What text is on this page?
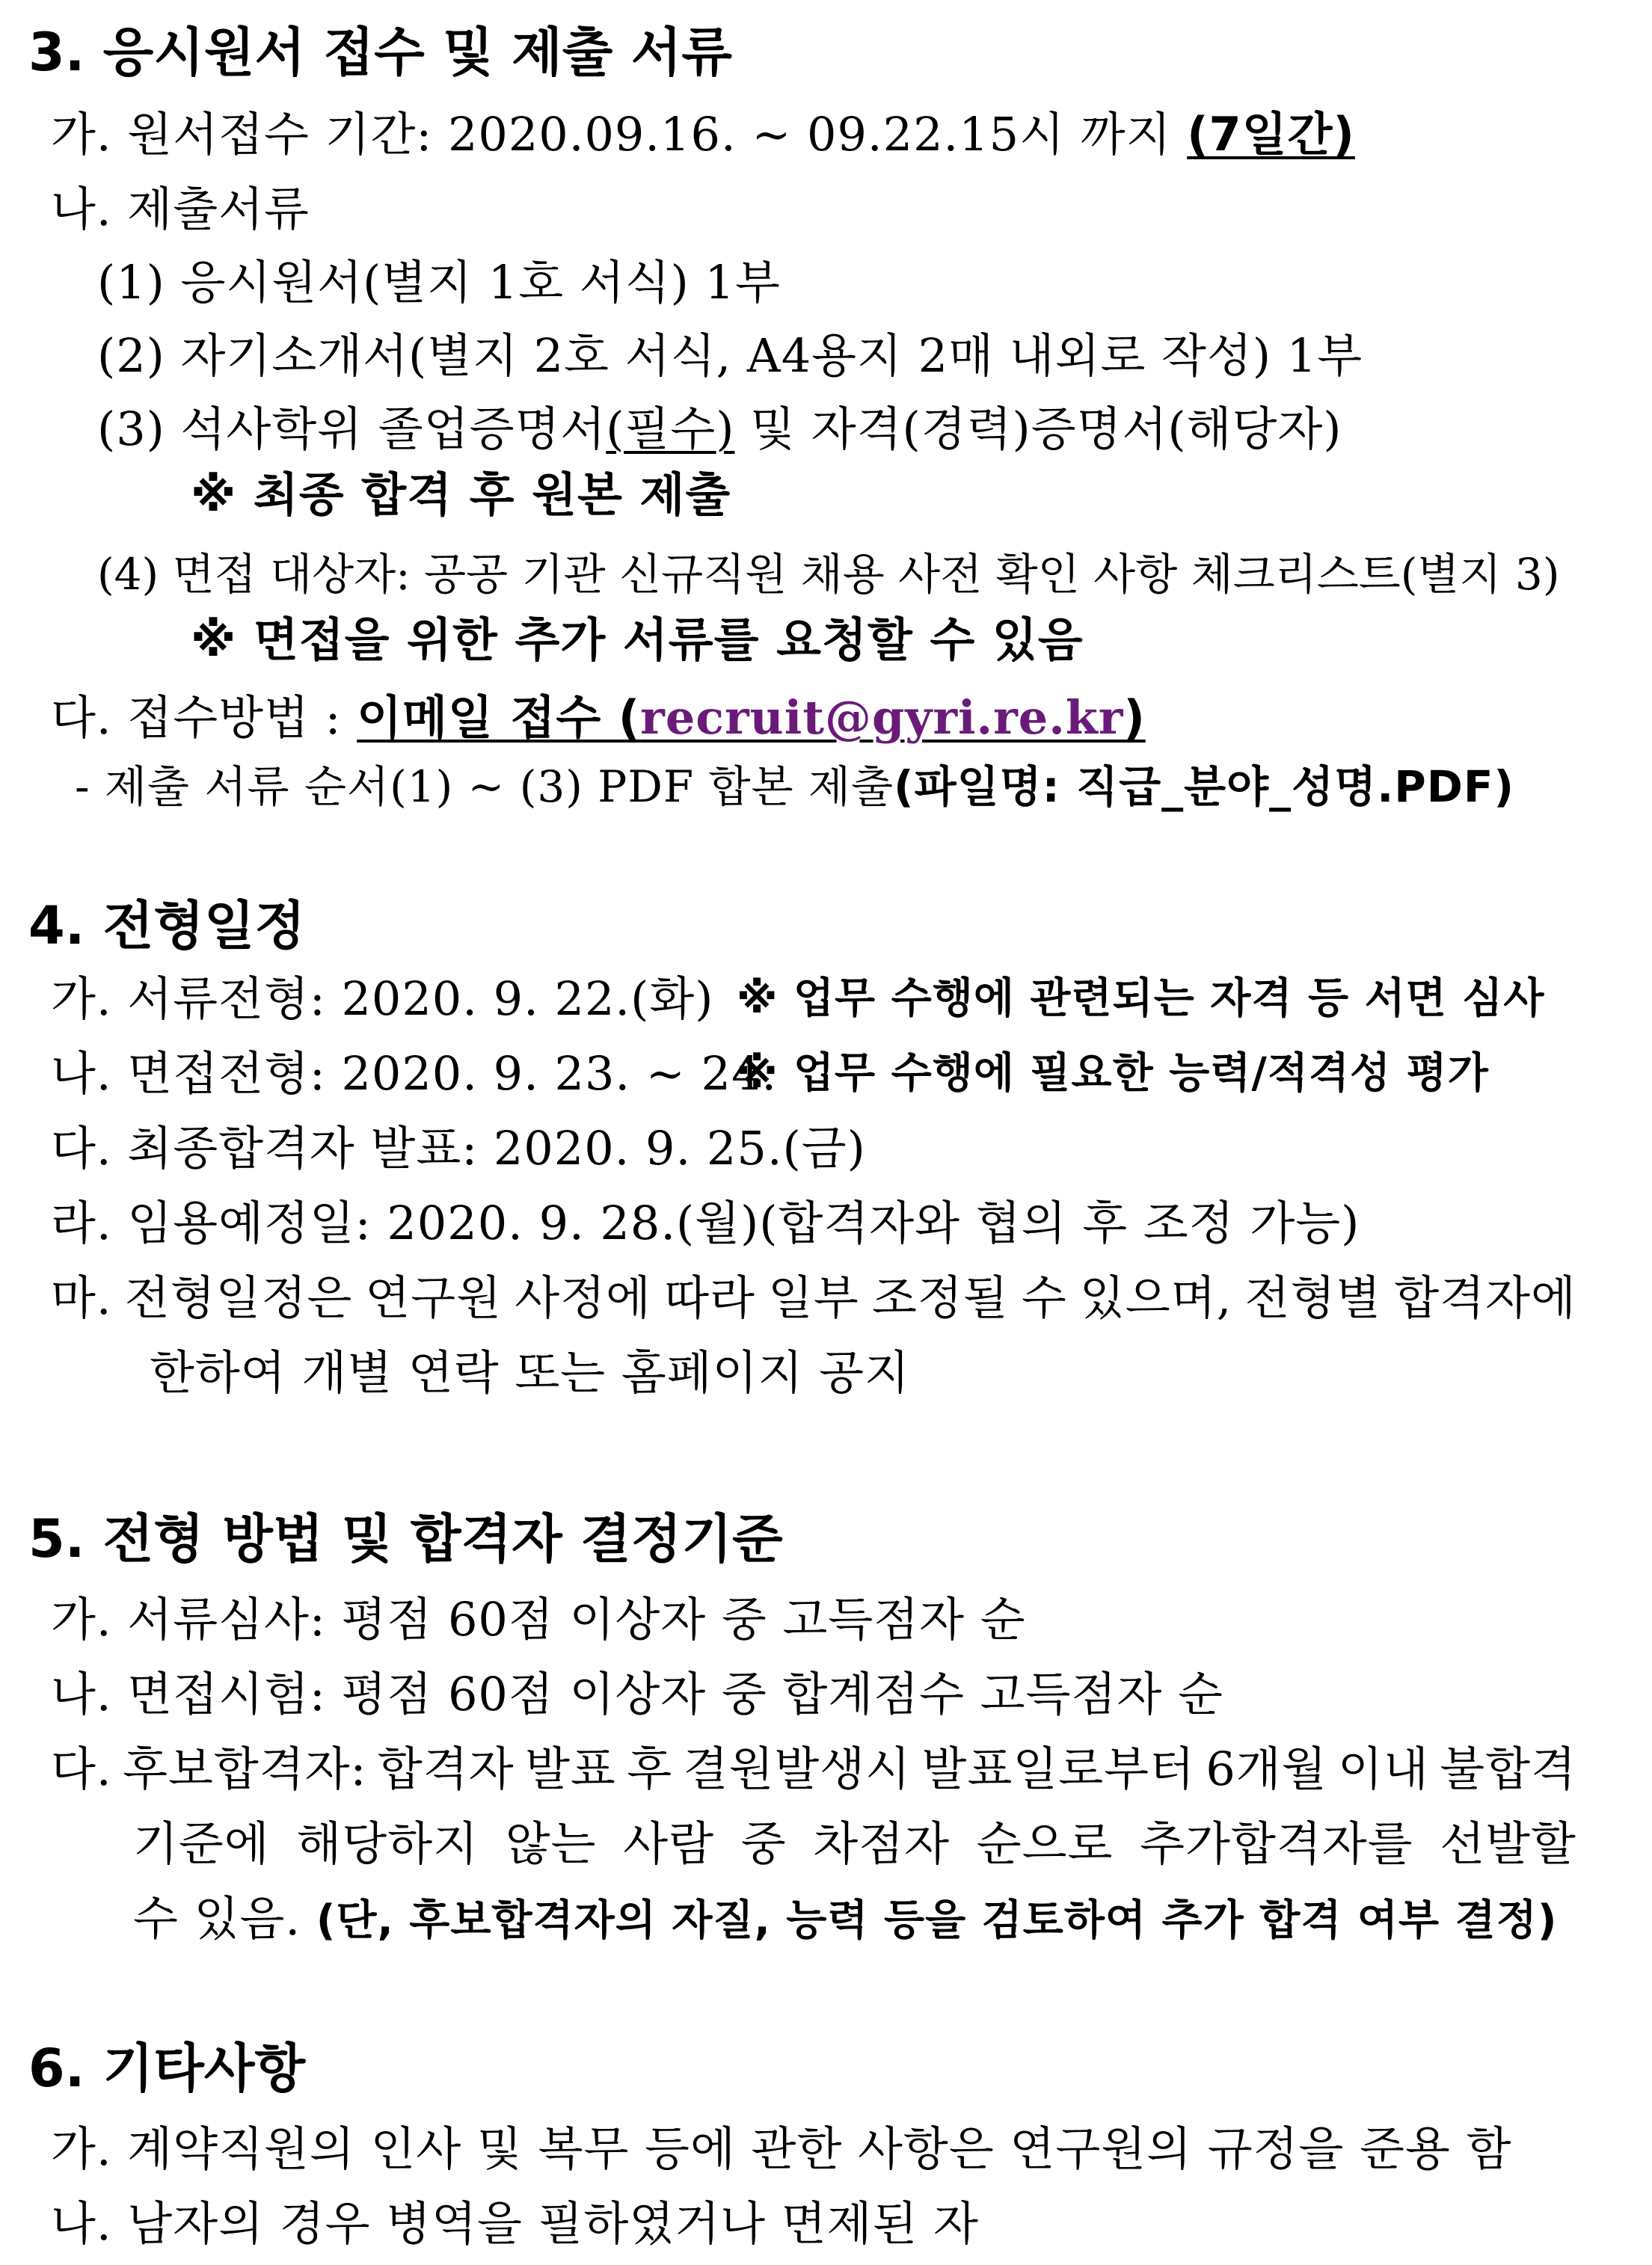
3. 응시원서 접수 및 제출 서류
가. 원서접수 기간: 2020.09.16. ~ 09.22.15시 까지 (7일간)
나. 제출서류
(1) 응시원서(별지 1호 서식) 1부
(2) 자기소개서(별지 2호 서식, A4용지 2매 내외로 작성) 1부
(3) 석사학위 졸업증명서(필수) 및 자격(경력)증명서(해당자)
※ 최종 합격 후 원본 제출
(4) 면접 대상자: 공공 기관 신규직원 채용 사전 확인 사항 체크리스트(별지 3)
※ 면접을 위한 추가 서류를 요청할 수 있음
다. 접수방법 : 이메일 접수 (recruit@gyri.re.kr)
- 제출 서류 순서(1) ~ (3) PDF 합본 제출(파일명: 직급_분야_성명.PDF)
4. 전형일정
가. 서류전형: 2020. 9. 22.(화) ※ 업무 수행에 관련되는 자격 등 서면 심사
나. 면접전형: 2020. 9. 23. ~ 24.
※ 업무 수행에 필요한 능력/적격성 평가
다. 최종합격자 발표: 2020. 9. 25.(금)
라. 임용예정일: 2020. 9. 28.(월)(합격자와 협의 후 조정 가능)
마. 전형일정은 연구원 사정에 따라 일부 조정될 수 있으며, 전형별 합격자에
한하여 개별 연락 또는 홈페이지 공지
5. 전형 방법 및 합격자 결정기준
가. 서류심사: 평점 60점 이상자 중 고득점자 순
나. 면접시험: 평점 60점 이상자 중 합계점수 고득점자 순
다. 후보합격자: 합격자 발표 후 결원발생시 발표일로부터 6개월 이내 불합격
기준에 해당하지 않는 사람 중 차점자 순으로 추가합격자를 선발할
수 있음. (단, 후보합격자의 자질, 능력 등을 검토하여 추가 합격 여부 결정)
6. 기타사항
가. 계약직원의 인사 및 복무 등에 관한 사항은 연구원의 규정을 준용 함
나. 남자의 경우 병역을 필하였거나 면제된 자
